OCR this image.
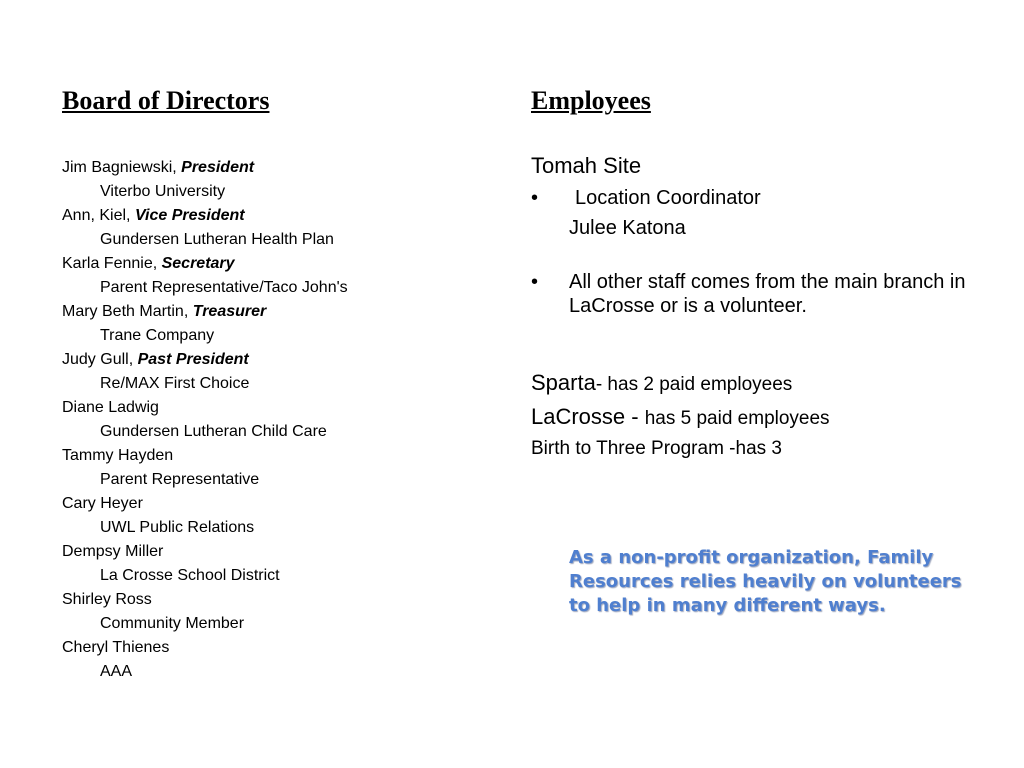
Board of Directors
Jim Bagniewski, President
Viterbo University
Ann, Kiel, Vice President
Gundersen Lutheran Health Plan
Karla Fennie, Secretary
Parent Representative/Taco John's
Mary Beth Martin, Treasurer
Trane Company
Judy Gull, Past President
Re/MAX First Choice
Diane Ladwig
Gundersen Lutheran Child Care
Tammy Hayden
Parent Representative
Cary Heyer
UWL Public Relations
Dempsy Miller
La Crosse School District
Shirley Ross
Community Member
Cheryl Thienes
AAA
Employees
Tomah Site
• Location Coordinator
Julee Katona
• All other staff comes from the main branch in LaCrosse or is a volunteer.
Sparta- has 2 paid employees
LaCrosse - has 5 paid employees
Birth to Three Program -has 3
As a non-profit organization, Family Resources relies heavily on volunteers to help in many different ways.
